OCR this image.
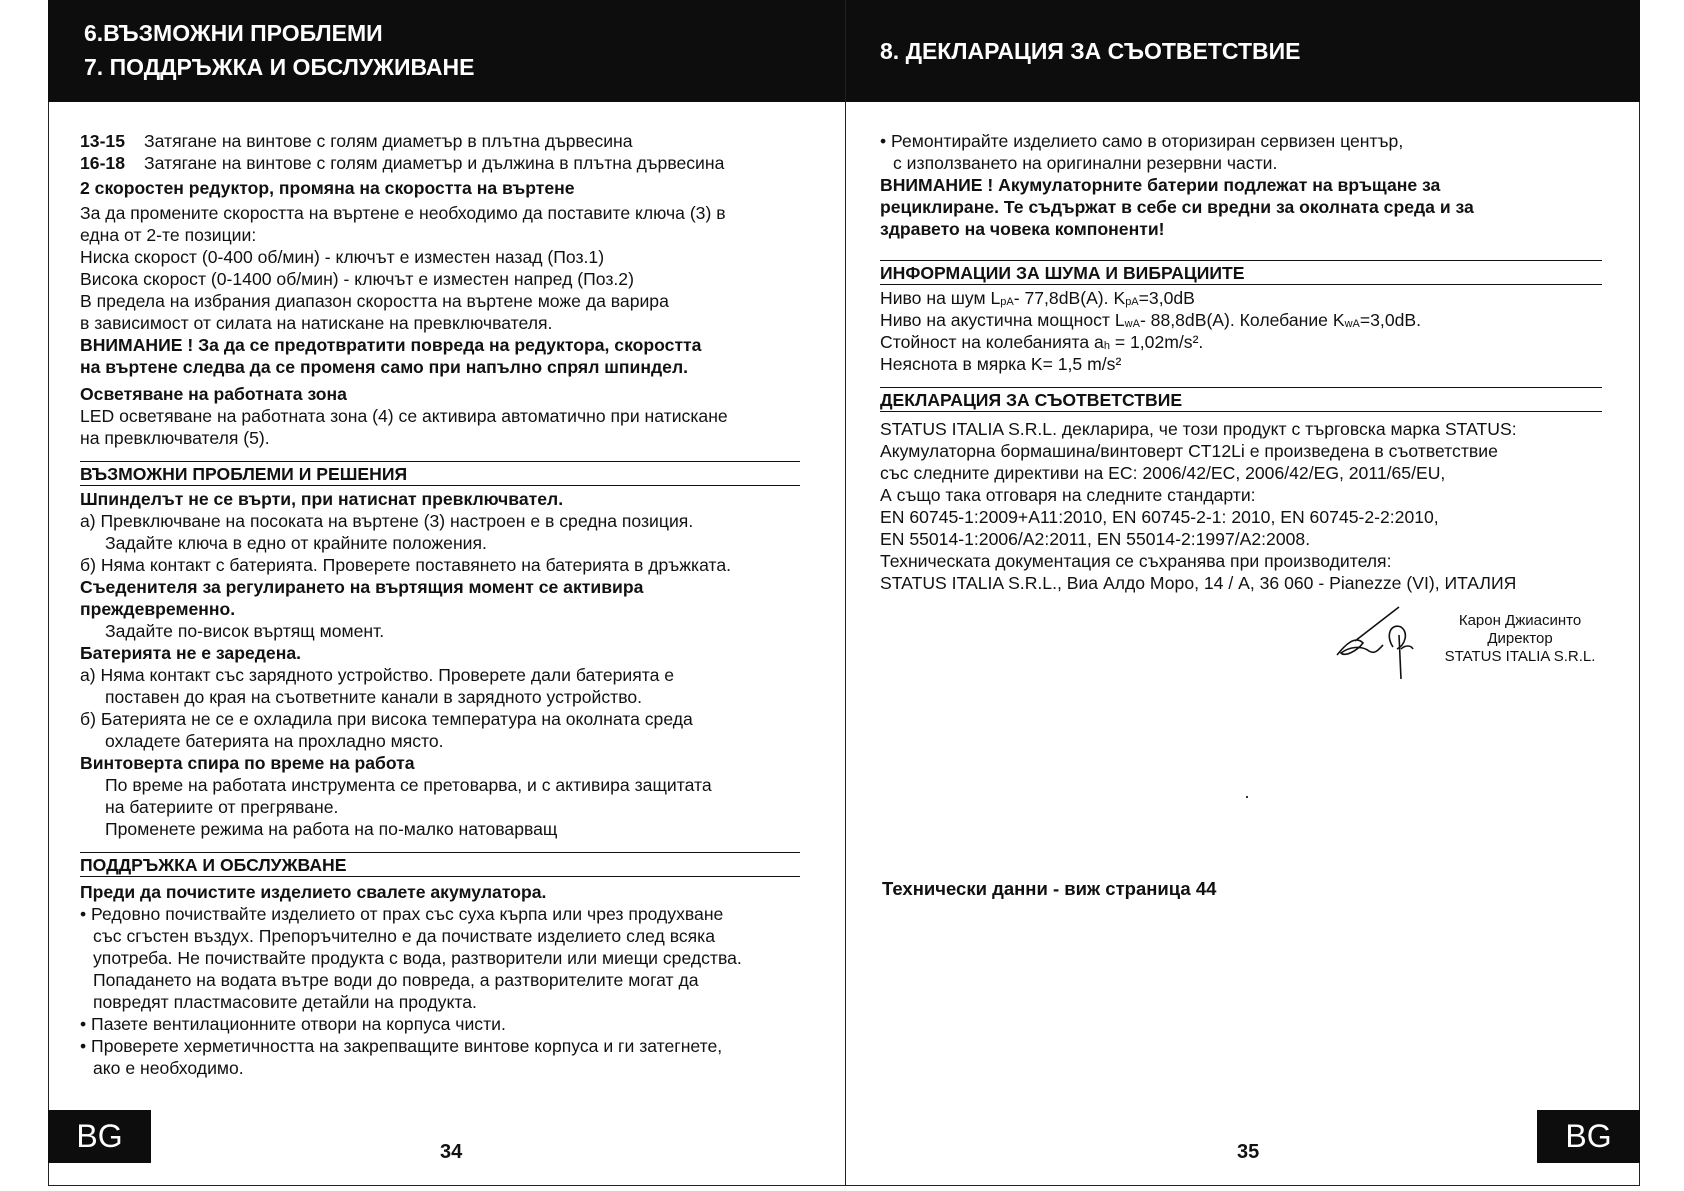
6.ВЪЗМОЖНИ ПРОБЛЕМИ
7. ПОДДРЪЖКА И ОБСЛУЖИВАНЕ
8. ДЕКЛАРАЦИЯ ЗА СЪОТВЕТСТВИЕ

13-15 Затягане на винтове с голям диаметър в плътна дървесина

16-18 Затягане на винтове с голям диаметър и дължина в плътна дървесина

2 скоростен редуктор, промяна на скоростта на въртене

За да промените скоростта на въртене е необходимо да поставите ключа (3) в

една от 2-те позиции:

Ниска скорост (0-400 об/мин) - ключът е изместен назад (Поз.1)

Висока скорост (0-1400 об/мин) - ключът е изместен напред (Поз.2)

В предела на избрания диапазон скоростта на въртене може да варира

в зависимост от силата на натискане на превключвателя.

ВНИМАНИЕ ! За да се предотвратити повреда на редуктора, скоростта

на въртене следва да се променя само при напълно спрял шпиндел.

Осветяване на работната зона

LED осветяване на работната зона (4) се активира автоматично при натискане

на превключвателя (5).

ВЪЗМОЖНИ ПРОБЛЕМИ И РЕШЕНИЯ

Шпинделът не се върти, при натиснат превключвател.

а) Превключване на посоката на въртене (3) настроен е в средна позиция.

Задайте ключа в едно от крайните положения.

б) Няма контакт с батерията. Проверете поставянето на батерията в дръжката.

Съеденителя за регулирането на въртящия момент се активира

преждевременно.

Задайте по-висок въртящ момент.

Батерията не е заредена.

а) Няма контакт със зарядното устройство. Проверете дали батерията е

поставен до края на съответните канали в зарядното устройство.

б) Батерията не се е охладила при висока температура на околната среда

охладете батерията на прохладно място.

Винтоверта спира по време на работа

По време на работата инструмента се претоварва, и с активира защитата

на батериите от прегряване.

Променете режима на работа на по-малко натоварващ

ПОДДРЪЖКА И ОБСЛУЖВАНЕ

Преди да почистите изделието свалете акумулатора.

• Редовно почиствайте изделието от прах със суха кърпа или чрез продухване

със сгъстен въздух. Препоръчително е да почиствате изделието след всяка

употреба. Не почиствайте продукта с вода, разтворители или миещи средства.

Попадането на водата вътре води до повреда, а разтворителите могат да

повредят пластмасовите детайли на продукта.

• Пазете вентилационните отвори на корпуса чисти.

• Проверете херметичността на закрепващите винтове корпуса и ги затегнете,

ако е необходимо.

• Ремонтирайте изделието само в оторизиран сервизен център,

с използването на оригинални резервни части.

ВНИМАНИЕ ! Акумулаторните батерии подлежат на връщане за

рециклиране. Те съдържат в себе си вредни за околната среда и за

здравето на човека компоненти!

ИНФОРМАЦИИ ЗА ШУМА И ВИБРАЦИИТЕ

Ниво на шум $L_{pA}-$ 77,8dB(A). $K_{pA}=3,0dB$

Ниво на акустична мощност $L_{wA}-$ 88,8dB(A). Колебание $K_{wA}=3,0dB$.

Стойност на колебанията $a_h = 1,02m/s^2$.

Неяснота в мярка K= 1,5 m/s²

ДЕКЛАРАЦИЯ ЗА СЪОТВЕТСТВИЕ

STATUS ITALIA S.R.L. декларира, че този продукт с търговска марка STATUS:

Акумулаторна бормашина/винтоверт CT12Li е произведена в съответствие

със следните директиви на ЕС: 2006/42/EC, 2006/42/EG, 2011/65/EU,

А също така отговаря на следните стандарти:

EN 60745-1:2009+A11:2010, EN 60745-2-1: 2010, EN 60745-2-2:2010,

EN 55014-1:2006/A2:2011, EN 55014-2:1997/A2:2008.

Техническата документация се съхранява при производителя:

STATUS ITALIA S.R.L., Виа Алдо Моро, 14 / A, 36 060 - Pianezze (VI), ИТАЛИЯ

Карон Джиасинто
Директор
STATUS ITALIA S.R.L.
Технически данни - виж страница 44
BG	BG
34	35
